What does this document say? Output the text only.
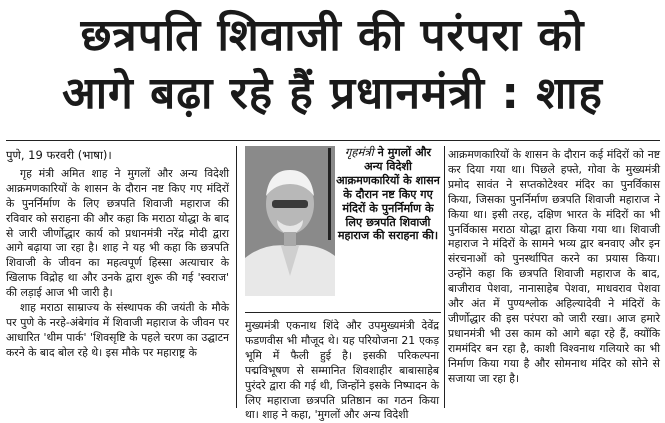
छत्रपति शिवाजी की परंपरा को
आगे बढ़ा रहे हैं प्रधानमंत्री : शाह

पुणे, 19 फरवरी (भाषा)।

गृह मंत्री अमित शाह ने मुगलों और अन्य विदेशी आक्रमणकारियों के शासन के दौरान नष्ट किए गए मंदिरों के पुनर्निर्माण के लिए छत्रपति शिवाजी महाराज की रविवार को सराहना की और कहा कि मराठा योद्धा के बाद से जारी जीर्णोद्धार कार्य को प्रधानमंत्री नरेंद्र मोदी द्वारा आगे बढ़ाया जा रहा है। शाह ने यह भी कहा कि छत्रपति शिवाजी के जीवन का महत्वपूर्ण हिस्सा अत्याचार के खिलाफ विद्रोह था और उनके द्वारा शुरू की गई 'स्वराज' की लड़ाई आज भी जारी है।

शाह मराठा साम्राज्य के संस्थापक की जयंती के मौके पर पुणे के नरहे-अंबेगांव में शिवाजी महाराज के जीवन पर आधारित 'थीम पार्क' 'शिवसृष्टि के पहले चरण का उद्घाटन करने के बाद बोल रहे थे। इस मौके पर महाराष्ट्र के

गृहमंत्री ने मुगलों और अन्य विदेशी आक्रमणकारियों के शासन के दौरान नष्ट किए गए मंदिरों के पुनर्निर्माण के लिए छत्रपति शिवाजी महाराज की सराहना की।

मुख्यमंत्री एकनाथ शिंदे और उपमुख्यमंत्री देवेंद्र फडणवीस भी मौजूद थे। यह परियोजना 21 एकड़ भूमि में फैली हुई है। इसकी परिकल्पना पद्मविभूषण से सम्मानित शिवशाहीर बाबासाहेब पुरंदरे द्वारा की गई थी, जिन्होंने इसके निष्पादन के लिए महाराजा छत्रपति प्रतिष्ठान का गठन किया था। शाह ने कहा, 'मुगलों और अन्य विदेशी

आक्रमणकारियों के शासन के दौरान कई मंदिरों को नष्ट कर दिया गया था। पिछले हफ्ते, गोवा के मुख्यमंत्री प्रमोद सावंत ने सप्तकोटेश्वर मंदिर का पुनर्विकास किया, जिसका पुनर्निर्माण छत्रपति शिवाजी महाराज ने किया था। इसी तरह, दक्षिण भारत के मंदिरों का भी पुनर्विकास मराठा योद्धा द्वारा किया गया था। शिवाजी महाराज ने मंदिरों के सामने भव्य द्वार बनवाए और इन संरचनाओं को पुनर्स्थापित करने का प्रयास किया। उन्होंने कहा कि छत्रपति शिवाजी महाराज के बाद, बाजीराव पेशवा, नानासाहेब पेशवा, माधवराव पेशवा और अंत में पुण्यश्लोक अहिल्यादेवी ने मंदिरों के जीर्णोद्धार की इस परंपरा को जारी रखा। आज हमारे प्रधानमंत्री भी उस काम को आगे बढ़ा रहे हैं, क्योंकि राममंदिर बन रहा है, काशी विश्वनाथ गलियारे का भी निर्माण किया गया है और सोमनाथ मंदिर को सोने से सजाया जा रहा है।
